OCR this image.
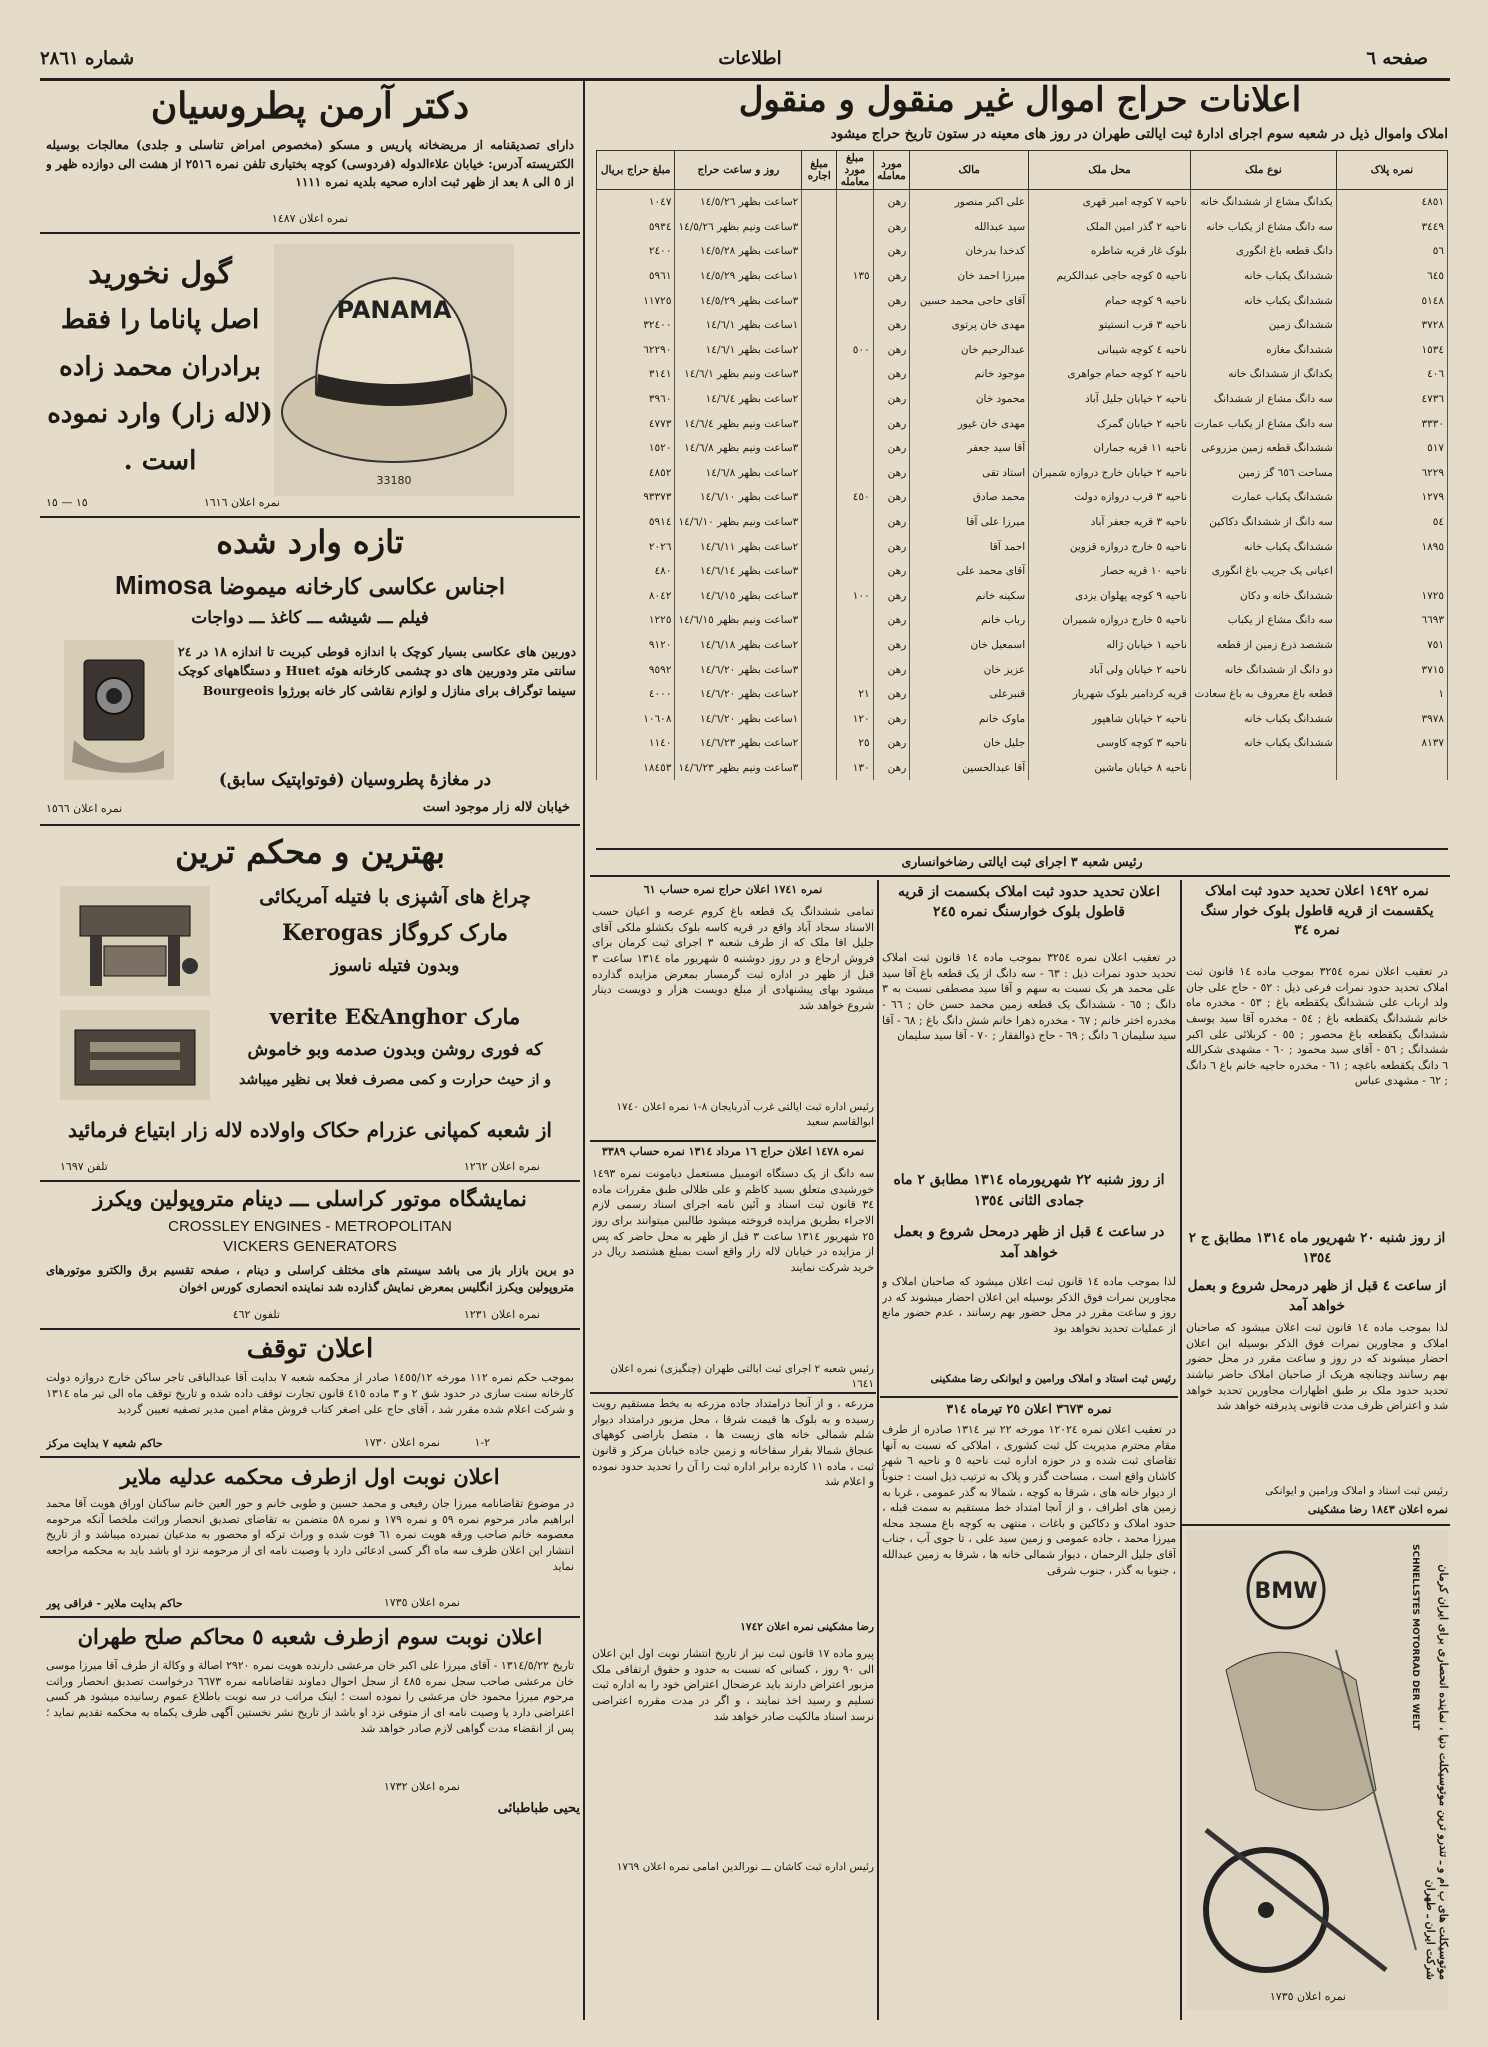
صفحه ٦
اطلاعات
شماره ٢٨٦١
اعلانات حراج اموال غیر منقول و منقول
املاک واموال ذیل در شعبه سوم اجرای ادارهٔ ثبت ایالتی طهران در روز های معینه در ستون تاریخ حراج میشود
نمره پلاک	نوع ملک	محل ملک	مالک	مورد معامله	مبلغ مورد معامله	مبلغ اجاره	روز و ساعت حراج	مبلغ حراج بریال
٤٨٥١	یکدانگ مشاع از ششدانگ خانه	ناحیه ٧ کوچه امیر قهری	علی اکبر منصور	رهن			٢ساعت بظهر ١٤/٥/٢٦	١٠٤٧
٣٤٤٩	سه دانگ مشاع از یکباب خانه	ناحیه ٢ گذر امین الملک	سید عبدالله	رهن			٣ساعت ونیم بظهر ١٤/٥/٢٦	٥٩٣٤
٥٦	دانگ قطعه باغ انگوری	بلوک غار قریه شاطره	کدخدا بدرخان	رهن			٣ساعت بظهر ١٤/٥/٢٨	٢٤٠٠
٦٤٥	ششدانگ یکباب خانه	ناحیه ٥ کوچه حاجی عبدالکریم	میرزا احمد خان	رهن	١٣٥		١ساعت بظهر ١٤/٥/٢٩	٥٩٦١
٥١٤٨	ششدانگ یکباب خانه	ناحیه ٩ کوچه حمام	آقای حاجی محمد حسین	رهن			٣ساعت بظهر ١٤/٥/٢٩	١١٧٢٥
٣٧٢٨	ششدانگ زمین	ناحیه ٣ قرب انستیتو	مهدی خان پرتوی	رهن			١ساعت بظهر ١٤/٦/١	٣٢٤٠٠
١٥٣٤	ششدانگ مغازه	ناحیه ٤ کوچه شیبانی	عبدالرحیم خان	رهن	٥٠٠		٢ساعت بظهر ١٤/٦/١	٦٢٢٩٠
٤٠٦	یکدانگ از ششدانگ خانه	ناحیه ٢ کوچه حمام جواهری	موجود خانم	رهن			٣ساعت ونیم بظهر ١٤/٦/١	٣١٤١
٤٧٣٦	سه دانگ مشاع از ششدانگ	ناحیه ٢ خیابان جلیل آباد	محمود خان	رهن			٢ساعت بظهر ١٤/٦/٤	٣٩٦٠
٣٣٣٠	سه دانگ مشاع از یکباب عمارت	ناحیه ٢ خیابان گمرک	مهدی خان غیور	رهن			٣ساعت ونیم بظهر ١٤/٦/٤	٤٧٧٣
٥١٧	ششدانگ قطعه زمین مزروعی	ناحیه ١١ قریه جماران	آقا سید جعفر	رهن			٣ساعت ونیم بظهر ١٤/٦/٨	١٥٢٠
٦٢٢٩	مساحت ٦٥٦ گز زمین	ناحیه ٢ خیابان خارج دروازه شمیران	استاد تقی	رهن			٢ساعت بظهر ١٤/٦/٨	٤٨٥٢
١٢٧٩	ششدانگ یکباب عمارت	ناحیه ٣ قرب دروازه دولت	محمد صادق	رهن	٤٥٠		٣ساعت بظهر ١٤/٦/١٠	٩٣٣٧٣
٥٤	سه دانگ از ششدانگ دکاکین	ناحیه ٣ قریه جعفر آباد	میرزا علی آقا	رهن			٣ساعت ونیم بظهر ١٤/٦/١٠	٥٩١٤
١٨٩٥	ششدانگ یکباب خانه	ناحیه ٥ خارج دروازه قزوین	احمد آقا	رهن			٢ساعت بظهر ١٤/٦/١١	٢٠٢٦
	اعیانی یک جریب باغ انگوری	ناحیه ١٠ قریه حصار	آقای محمد علی	رهن			٣ساعت بظهر ١٤/٦/١٤	٤٨٠
١٧٢٥	ششدانگ خانه و دکان	ناحیه ٩ کوچه پهلوان یزدی	سکینه خانم	رهن	١٠٠		٣ساعت بظهر ١٤/٦/١٥	٨٠٤٢
٦٦٩٣	سه دانگ مشاع از یکباب	ناحیه ٥ خارج دروازه شمیران	رباب خانم	رهن			٣ساعت ونیم بظهر ١٤/٦/١٥	١٢٢٥
٧٥١	ششصد ذرع زمین از قطعه	ناحیه ١ خیابان ژاله	اسمعیل خان	رهن			٢ساعت بظهر ١٤/٦/١٨	٩١٢٠
٣٧١٥	دو دانگ از ششدانگ خانه	ناحیه ٢ خیابان ولی آباد	عزیز خان	رهن			٣ساعت بظهر ١٤/٦/٢٠	٩٥٩٢
١	قطعه باغ معروف به باغ سعادت	قریه کردامیر بلوک شهریار	قنبرعلی	رهن	٢١		٢ساعت بظهر ١٤/٦/٢٠	٤٠٠٠
٣٩٧٨	ششدانگ یکباب خانه	ناحیه ٢ خیابان شاهپور	ماوک خانم	رهن	١٢٠		١ساعت بظهر ١٤/٦/٢٠	١٠٦٠٨
٨١٣٧	ششدانگ یکباب خانه	ناحیه ٣ کوچه کاوسی	جلیل خان	رهن	٢٥		٢ساعت بظهر ١٤/٦/٢٣	١١٤٠
		ناحیه ٨ خیابان ماشین	آقا عبدالحسین	رهن	١٣٠		٣ساعت ونیم بظهر ١٤/٦/٢٣	١٨٤٥٣
رئیس شعبه ٣ اجرای ثبت ایالتی رضاخوانساری
دکتر آرمن پطروسیان
دارای تصدیقنامه از مریضخانه پاریس و مسکو (مخصوص امراض تناسلی و جلدی) معالجات بوسیله الکتریسته آدرس: خیابان علاءالدوله (فردوسی) کوچه بختیاری تلفن نمره ٢٥١٦ از هشت الی دوازده ظهر و از ٥ الی ٨ بعد از ظهر ثبت اداره صحیه بلدیه نمره ١١١١
نمره اعلان ١٤٨٧
PANAMA
33180
گول نخورید
اصل پاناما را فقط
برادران محمد زاده
(لاله زار) وارد نموده
است .
نمره اعلان ١٦١٦
١٥ — ١٥
تازه وارد شده
اجناس عکاسی کارخانه میموضا Mimosa
فیلم ـــ شیشه ـــ کاغذ ـــ دواجات
دوربین های عکاسی بسیار کوچک با اندازه قوطی کبریت تا اندازه ١٨ در ٢٤ سانتی متر ودوربین های دو چشمی کارخانه هوئه Huet و دستگاههای کوچک سینما توگراف برای منازل و لوازم نقاشی کار خانه بورژوا Bourgeois
در مغازهٔ پطروسیان (فوتواپتیک سابق)
خیابان لاله زار موجود است
نمره اعلان ١٥٦٦
بهترین و محکم ترین
چراغ های آشپزی با فتیله آمریکائی
مارک کروگاز Kerogas
وبدون فتیله ناسوز
مارک verite E&Anghor
که فوری روشن وبدون صدمه وبو خاموش
و از حیث حرارت و کمی مصرف فعلا بی نظیر میباشد
از شعبه کمپانی عزرام حکاک واولاده لاله زار ابتیاع فرمائید
نمره اعلان ١٢٦٢
تلفن ١٦٩٧
نمایشگاه موتور کراسلی ـــ دینام متروپولین ویکرز
CROSSLEY ENGINES - METROPOLITAN
VICKERS GENERATORS
دو برین بازار باز می باشد سیستم های مختلف کراسلی و دینام ، صفحه تقسیم برق والکترو موتورهای متروپولین ویکرز انگلیس بمعرض نمایش گذارده شد نماینده انحصاری کورس اخوان
نمره اعلان ١٢٣١
تلفون ٤٦٢
اعلان توقف
بموجب حکم نمره ١١٢ مورخه ١٤٥٥/١٢ صادر از محکمه شعبه ٧ بدایت آقا عبدالباقی تاجر ساکن خارج دروازه دولت کارخانه سنت سازی در حدود شق ٢ و ٣ ماده ٤١٥ قانون تجارت توقف داده شده و تاریخ توقف ماه الی تیر ماه ١٣١٤ و شرکت اعلام شده مقرر شد ، آقای حاج علی اصغر کتاب فروش مقام امین مدیر تصفیه تعیین گردید
نمره اعلان ١٧٣٠
حاکم شعبه ٧ بدایت مرکز	٢-١
اعلان نوبت اول ازطرف محکمه عدلیه ملایر
در موضوع تقاضانامه میرزا جان رفیعی و محمد حسین و طوبی خانم و حور العین خانم ساکنان اوراق هویت آقا محمد ابراهیم مادر مرحوم نمره ٥٩ و نمره ١٧٩ و نمره ٥٨ متضمن به تقاضای تصدیق انحصار وراثت ملخصا آنکه مرحومه معصومه خانم صاحب ورقه هویت نمره ٦١ فوت شده و وراث ترکه او محصور به مدعیان نمبرده میباشد و از تاریخ انتشار این اعلان ظرف سه ماه اگر کسی ادعائی دارد یا وصیت نامه ای از مرحومه نزد او باشد باید به محکمه مراجعه نماید
نمره اعلان ١٧٣٥
حاکم بدایت ملایر - فراقی پور
اعلان نوبت سوم ازطرف شعبه ٥ محاکم صلح طهران
تاریخ ١٣١٤/٥/٢٢ - آقای میرزا علی اکبر خان مرعشی دارنده هویت نمره ٢٩٢٠ اصالة و وکالة از طرف آقا میرزا موسی خان مرعشی صاحب سجل نمره ٤٨٥ از سجل احوال دماوند تقاضانامه نمره ٦٦٧٣ درخواست تصدیق انحصار وراثت مرحوم میرزا محمود خان مرعشی را نموده است ؛ اینک مراتب در سه نوبت باطلاع عموم رسانیده میشود هر کسی اعتراضی دارد یا وصیت نامه ای از متوفی نزد او باشد از تاریخ نشر نخستین آگهی ظرف یکماه به محکمه تقدیم نماید ؛ پس از انقضاء مدت گواهی لازم صادر خواهد شد
نمره اعلان ١٧٣٢
یحیی طباطبائی
نمره ١٧٤١ اعلان حراج نمره حساب ٦١
تمامی ششدانگ یک قطعه باغ کروم عرصه و اعیان حسب الاسناد سجاد آباد واقع در قریه کاسه بلوک بکشلو ملکی آقای جلیل افا ملک که از طرف شعبه ٣ اجرای ثبت کرمان برای فروش ارجاع و در روز دوشنبه ٥ شهریور ماه ١٣١٤ ساعت ٣ قبل از ظهر در اداره ثبت گرمسار بمعرض مزایده گذارده میشود بهای پیشنهادی از مبلغ دویست هزار و دویست دینار شروع خواهد شد
رئیس اداره ثبت ایالتی غرب آذربایجان ٨-١ نمره اعلان ١٧٤٠ ابوالقاسم سعید
نمره ١٤٧٨ اعلان حراج ١٦ مرداد ١٣١٤ نمره حساب ٣٣٨٩
سه دانگ از یک دستگاه اتومبیل مستعمل دیامونت نمره ١٤٩٣ خورشیدی متعلق بسید کاظم و علی ظلالی طبق مقررات ماده ٣٤ قانون ثبت اسناد و آئین نامه اجرای اسناد رسمی لازم الاجراء بطریق مزایده فروخته میشود طالبین میتوانند برای روز ٢٥ شهریور ١٣١٤ ساعت ٣ قبل از ظهر به محل حاضر که پس از مزایده در خیابان لاله زار واقع است بمبلغ هشتصد ریال در خرید شرکت نمایند
رئیس شعبه ٢ اجرای ثبت ایالتی طهران (چنگیزی) نمره اعلان ١٦٤١
مزرعه ، و از آنجا درامتداد جاده مزرعه به بخط مستقیم رویت رسیده و به بلوک ها قیمت شرقا ، محل مزبور درامتداد دیوار شلم شمالی خانه های زیست ها ، متصل باراضی کوههای عنجاق شمالا بقرار سقاخانه و زمین جاده خیابان مرکز و قانون ثبت ، ماده ١١ کارده برابر اداره ثبت را آن را تحدید حدود نموده و اعلام شد
رضا مشکینی نمره اعلان ١٧٤٢
پیرو ماده ١٧ قانون ثبت نیز از تاریخ انتشار نوبت اول این اعلان الی ٩٠ روز ، کسانی که نسبت به حدود و حقوق ارتفاقی ملک مزبور اعتراض دارند باید عرضحال اعتراض خود را به اداره ثبت تسلیم و رسید اخذ نمایند ، و اگر در مدت مقرره اعتراضی نرسد اسناد مالکیت صادر خواهد شد
رئیس اداره ثبت کاشان ـــ نورالدین امامی نمره اعلان ١٧٦٩
اعلان تحدید حدود ثبت املاک بکسمت از قریه قاطول بلوک خوارسنگ نمره ٢٤٥
در تعقیب اعلان نمره ٣٢٥٤ بموجب ماده ١٤ قانون ثبت املاک تحدید حدود نمرات ذیل : ٦٣ - سه دانگ از یک قطعه باغ آقا سید علی محمد هر یک نسبت به سهم و آقا سید مصطفی نسبت به ٣ دانگ ; ٦٥ - ششدانگ یک قطعه زمین محمد حسن خان ; ٦٦ - مخدره اختر خانم ; ٦٧ - مخدره ذهرا خانم شش دانگ باغ ; ٦٨ - آقا سید سلیمان ٦ دانگ ; ٦٩ - حاج ذوالفقار ; ٧٠ - آقا سید سلیمان
از روز شنبه ٢٢ شهریورماه ١٣١٤ مطابق ٢ ماه جمادی الثانی ١٣٥٤
در ساعت ٤ قبل از ظهر درمحل شروع و بعمل خواهد آمد
لذا بموجب ماده ١٤ قانون ثبت اعلان میشود که صاحبان املاک و مجاورین نمرات فوق الذکر بوسیله این اعلان احضار میشوند که در روز و ساعت مقرر در محل حضور بهم رسانند ، عدم حضور مانع از عملیات تحدید نخواهد بود
رئیس ثبت استاد و املاک ورامین و ایوانکی رضا مشکینی
نمره ٣٦٧٣ اعلان ٢٥ تیرماه ٣١٤
در تعقیب اعلان نمره ١٢٠٢٤ مورخه ٢٢ تیر ١٣١٤ صادره از طرف مقام محترم مدیریت کل ثبت کشوری ، املاکی که نسبت به آنها تقاضای ثبت شده و در حوزه اداره ثبت ناحیه ٥ و ناحیه ٦ شهر کاشان واقع است ، مساحت گذر و پلاک به ترتیب ذیل است : جنوباً از دیوار خانه های ، شرقا به کوچه ، شمالا به گذر عمومی ، غربا به زمین های اطراف ، و از آنجا امتداد خط مستقیم به سمت قبله ، حدود املاک و دکاکین و باغات ، منتهی به کوچه باغ مسجد محله میرزا محمد ، جاده عمومی و زمین سید علی ، تا جوی آب ، جناب آقای جلیل الرحمان ، دیوار شمالی خانه ها ، شرقا به زمین عبدالله ، جنوبا به گذر ، جنوب شرقی
نمره ١٤٩٢ اعلان تحدید حدود ثبت املاک یکقسمت از قریه قاطول بلوک خوار سنگ نمره ٣٤
در تعقیب اعلان نمره ٣٢٥٤ بموجب ماده ١٤ قانون ثبت املاک تحدید حدود نمرات فرعی ذیل : ٥٢ - حاج علی جان ولد ارباب علی ششدانگ یکقطعه باغ ; ٥٣ - مخدره ماه خانم ششدانگ یکقطعه باغ ; ٥٤ - مخدره آقا سید یوسف ششدانگ یکقطعه باغ محصور ; ٥٥ - کربلائی علی اکبر ششدانگ ; ٥٦ - آقای سید محمود ; ٦٠ - مشهدی شکرالله ٦ دانگ یکقطعه باغچه ; ٦١ - مخدره حاجیه خانم باغ ٦ دانگ ; ٦٢ - مشهدی عباس
از روز شنبه ٢٠ شهریور ماه ١٣١٤ مطابق ج ٢ ١٣٥٤
از ساعت ٤ قبل از ظهر درمحل شروع و بعمل خواهد آمد
لذا بموجب ماده ١٤ قانون ثبت اعلان میشود که صاحبان املاک و مجاورین نمرات فوق الذکر بوسیله این اعلان احضار میشوند که در روز و ساعت مقرر در محل حضور بهم رسانند وچنانچه هریک از صاحبان املاک حاضر نباشند تحدید حدود ملک بر طبق اظهارات مجاورین تحدید خواهد شد و اعتراض ظرف مدت قانونی پذیرفته خواهد شد
رئیس ثبت استاد و املاک ورامین و ایوانکی
نمره اعلان ١٨٤٣ رضا مشکینی
BMW	SCHNELLSTES MOTORRAD DER WELT	موتوسیکلت های ب ام و ـ تندرو ترین موتوسیکلت دنیا ، نماینده انحصاری برای ایران کرمان شرکت ایران ـ طهران
نمره اعلان ١٧٣٥
